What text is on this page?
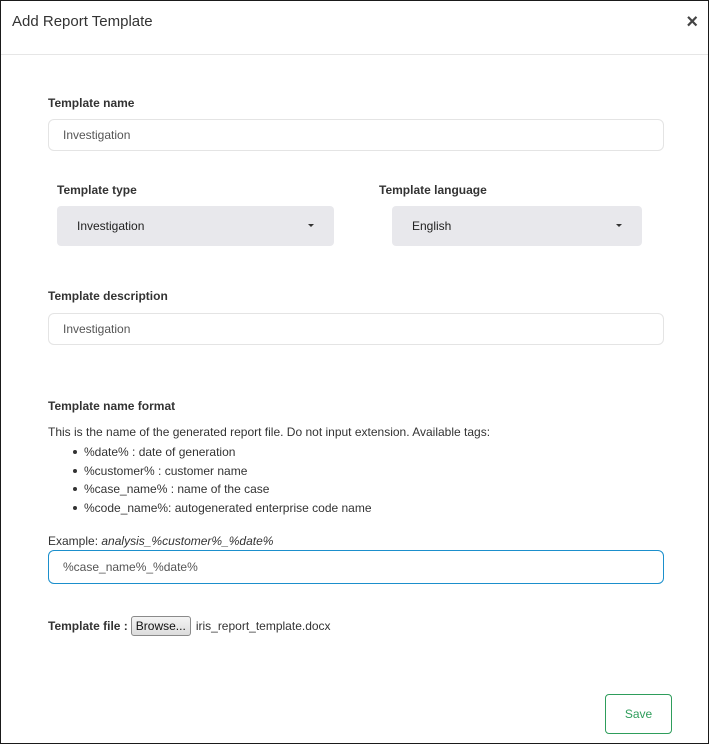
Add Report Template	×
Template name
Investigation
Template type
Investigation
Template language
English
Template description
Investigation
Template name format
This is the name of the generated report file. Do not input extension. Available tags:
%date% : date of generation
%customer% : customer name
%case_name% : name of the case
%code_name%: autogenerated enterprise code name
Example: analysis_%customer%_%date%
%case_name%_%date%
Template file : Browse... iris_report_template.docx
Save
